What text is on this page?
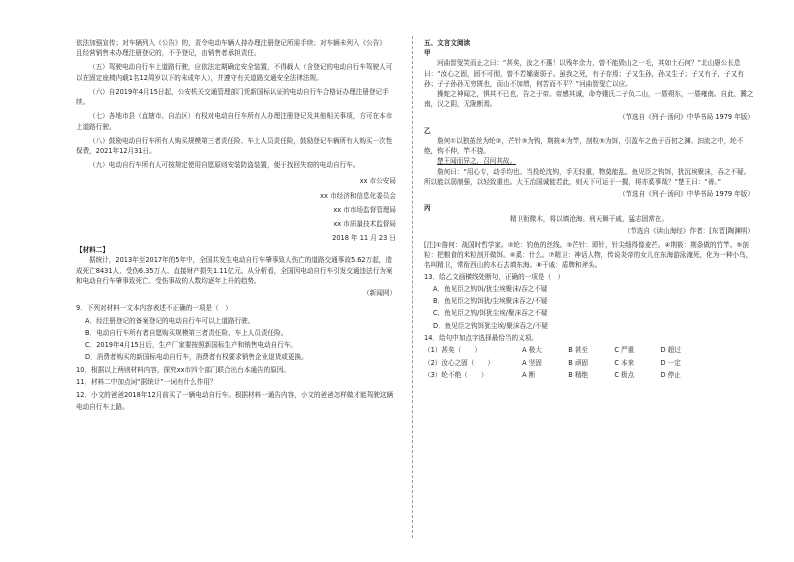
依法加强宣传；对车辆列入《公告》的，责令电动车辆人持办理注册登记所需手续；对车辆未列入《公告》

且经营销售未办理注册登记的，不予登记，由销售者承担责任。

（五）驾驶电动自行车上道路行驶，应依法定期确定安全装置，不得载人（含登记的电动自行车驾驶人可以在固定座椅内载1名12周岁以下的未成年人），并遵守有关道路交通安全法律法规。

（六）自2019年4月15日起，公安机关交通管理部门凭新国标认证的电动自行车合格证办理注册登记手续。

（七）各地市县（直辖市、自治区）有权对电动自行车所有人办理注册登记及其他相关事项，方可在本市上道路行驶。

（八）鼓励电动自行车所有人购买规模第三者责任险、车上人员责任险，鼓励登记车辆所有人购买一次性保费，2021年12月31日。

（九）电动自行车所有人可按规定使用自愿原则安装防盗装置，便于找回失窃的电动自行车。

xx 市公安局

xx 市经济和信息化委员会

xx 市市场监督管理局

xx 市质量技术监督局

2018 年 11 月 23 日

【材料二】

据统计，2013年至2017年的5年中，全国共发生电动自行车肇事致人伤亡的道路交通事故5.62万起，造成死亡8431人、受伤6.35万人、直接财产损失1.11亿元。从分析看，全国因电动自行车引发交通违法行为案和电动自行车肇事致死亡、受伤事故的人数均逐年上升的趋势。

（新闻网）

9．下列对材料一文本内容表述不正确的一项是（　）

A．经注册登记的备案登记的电动自行车可以上道路行驶。

B．电动自行车所有者自愿购买规模第三者责任险、车上人员责任险。

C．2019年4月15日后，生产厂家要按照新国标生产和销售电动自行车。

D．消费者购买的新国标电动自行车，消费者有权要求销售企业退货或更换。

10．根据以上两则材料内容，探究xx市四个部门联合出台本通告的原因。

11．材料二中加点词“据统计”一词有什么作用？

12．小文的爸爸2018年12月前买了一辆电动自行车。根据材料一通告内容，小文的爸爸怎样做才能驾驶这辆电动自行车上路。

五、文言文阅读

甲

河曲智叟笑而止之曰：“甚矣，汝之不惠！以残年余力，曾不能毁山之一毛，其如土石何？”北山愚公长息曰：“汝心之固，固不可彻，曾不若孀妻弱子。虽我之死，有子存焉；子又生孙，孙又生子；子又有子，子又有孙；子子孙孙无穷匮也，而山不加增，何苦而不平？”河曲智叟亡以应。

操蛇之神闻之，惧其不已也，告之于帝。帝感其诚，命夸娥氏二子负二山，一厝朔东，一厝雍南。自此，冀之南，汉之阴，无陇断焉。

（节选自《列子·汤问》中华书局 1979 年版）

乙

詹何①以独茧丝为纶②，芒针③为钩，荆筱④为竿，剖粒⑤为饵，引盈车之鱼于百仞之渊、汩流之中，纶不绝，钩不伸，竿不挠。

楚王闻而异之，召问其故。

詹何曰：“用心专，动手均也。当投纶沈钩，手无轻重，物莫能乱。鱼见臣之钩饵，犹沉埃聚沫，吞之不疑。所以能以弱制强，以轻致重也。大王治国诚能若此，则天下可运于一握，将亦奚事哉？”楚王曰：“善。”

（节选自《列子·汤问》中华书局 1979 年版）

丙

精卫衔微木，将以填沧海。刑天舞干戚，猛志固常在。

（节选自《读山海经》作者：[东晋]陶渊明）

[注]①詹何：战国时哲学家。②纶：钓鱼的丝线。③芒针：即针，针尖细得像麦芒。④荆筱：荆条做的竹竿。⑤剖粒：把粮食的米粒剖开做饵。⑥奚：什么。⑦精卫：神话人物，传说炎帝的女儿在东海游泳淹死，化为一种小鸟，名叫精卫，常衔西山的木石去填东海。⑧干戚：盾牌和斧头。

13．给乙文画横线处断句，正确的一项是（　）

A．鱼见臣之钩饵/犹尘埃聚沫/吞之不疑

B．鱼见臣之钩饵犹/尘埃聚沫吞之/不疑

C．鱼见臣之钩/饵犹尘埃/聚沫吞之不疑

D．鱼见臣之钩饵犹尘埃/聚沫吞之/不疑

14．给句中加点字选择最恰当的义项。

（1）甚矣（　　）	A 极大	B 甚至	C 严重	D 超过

（2）汝心之固（　　）	A 坚固	B 顽固	C 本来	D 一定

（3）纶不绝（　　）	A 断	B 精绝	C 极点	D 停止
